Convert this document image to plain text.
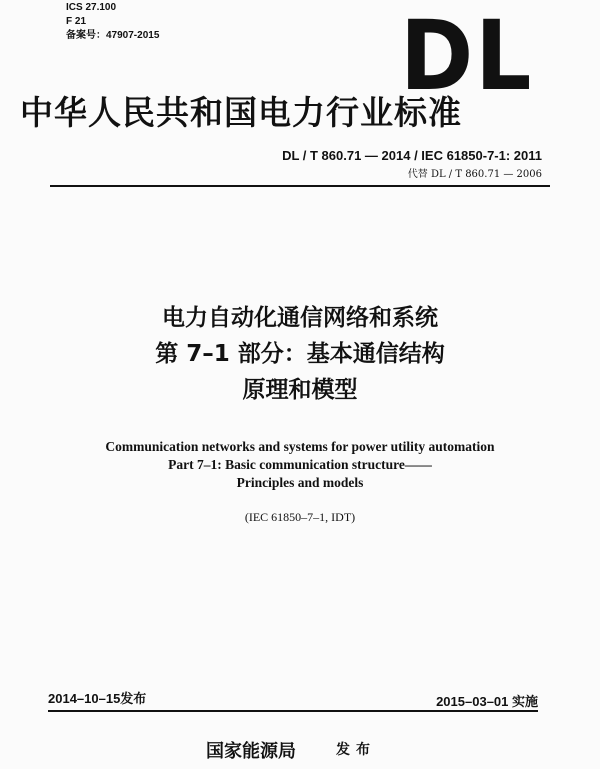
ICS 27.100
F 21
备案号：47907-2015	DL
中华人民共和国电力行业标准
DL / T 860.71 — 2014 / IEC 61850-7-1: 2011
代替 DL / T 860.71 — 2006
电力自动化通信网络和系统
第 7–1 部分：基本通信结构
原理和模型
Communication networks and systems for power utility automation
Part 7–1: Basic communication structure——
Principles and models
(IEC 61850–7–1, IDT)
2014–10–15发布	2015–03–01 实施
国家能源局	发布
